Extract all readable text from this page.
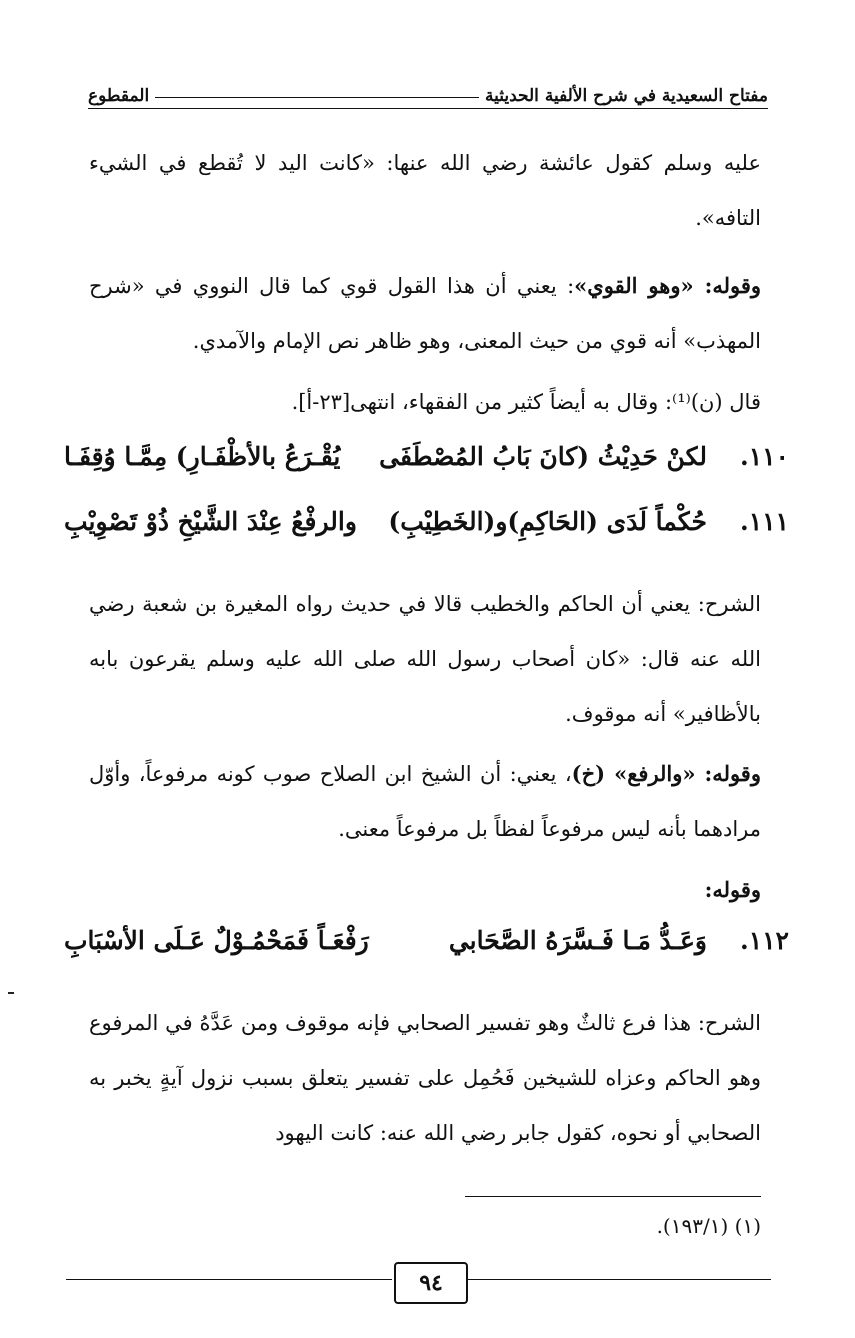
مفتاح السعيدية في شرح الألفية الحديثية
المقطوع
عليه وسلم كقول عائشة رضي الله عنها: «كانت اليد لا تُقطع في الشيء التافه».
وقوله: «وهو القوي»: يعني أن هذا القول قوي كما قال النووي في «شرح المهذب» أنه قوي من حيث المعنى، وهو ظاهر نص الإمام والآمدي.
قال (ن)⁽¹⁾: وقال به أيضاً كثير من الفقهاء، انتهى[٢٣-أ].
١١٠.
لكنْ حَدِيْثُ (كانَ بَابُ المُصْطَفَى
يُقْـرَعُ بالأظْفَـارِ) مِمَّـا وُقِفَـا
١١١.
حُكْماً لَدَى (الحَاكِمِ)و(الخَطِيْبِ)
والرفْعُ عِنْدَ الشَّيْخِ ذُوْ تَصْوِيْبِ
الشرح: يعني أن الحاكم والخطيب قالا في حديث رواه المغيرة بن شعبة رضي الله عنه قال: «كان أصحاب رسول الله صلى الله عليه وسلم يقرعون بابه بالأظافير» أنه موقوف.
وقوله: «والرفع» (خ)، يعني: أن الشيخ ابن الصلاح صوب كونه مرفوعاً، وأوّل مرادهما بأنه ليس مرفوعاً لفظاً بل مرفوعاً معنى.
وقوله:
١١٢.
وَعَـدُّ مَـا فَـسَّرَهُ الصَّحَابي
رَفْعَـاً فَمَحْمُـوْلٌ عَـلَى الأسْبَابِ
الشرح: هذا فرع ثالثٌ وهو تفسير الصحابي فإنه موقوف ومن عَدَّهُ في المرفوع وهو الحاكم وعزاه للشيخين فَحُمِل على تفسير يتعلق بسبب نزول آيةٍ يخبر به الصحابي أو نحوه، كقول جابر رضي الله عنه: كانت اليهود
(١) (١٩٣/١).
٩٤
